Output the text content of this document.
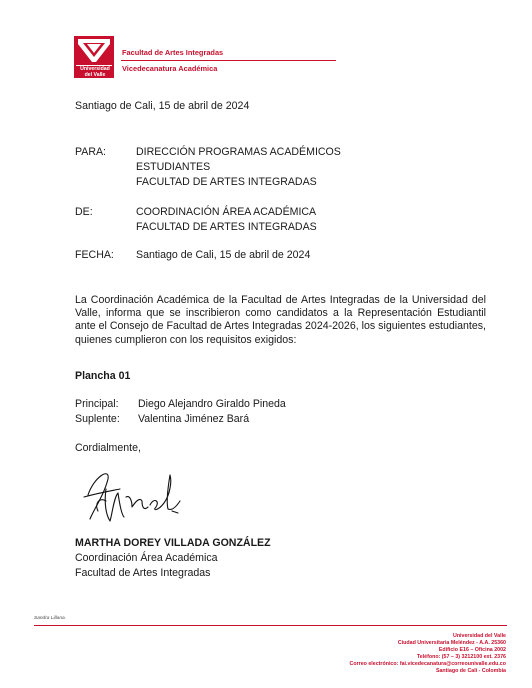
Universidad
del Valle
Facultad de Artes Integradas
Vicedecanatura Académica
Santiago de Cali, 15 de abril de 2024
PARA:	DIRECCIÓN PROGRAMAS ACADÉMICOS
ESTUDIANTES
FACULTAD DE ARTES INTEGRADAS
DE:	COORDINACIÓN ÁREA ACADÉMICA
FACULTAD DE ARTES INTEGRADAS
FECHA: Santiago de Cali, 15 de abril de 2024
La Coordinación Académica de la Facultad de Artes Integradas de la Universidad del Valle, informa que se inscribieron como candidatos a la Representación Estudiantil ante el Consejo de Facultad de Artes Integradas 2024-2026, los siguientes estudiantes, quienes cumplieron con los requisitos exigidos:
Plancha 01
Principal: Diego Alejandro Giraldo Pineda
Suplente: Valentina Jiménez Bará
Cordialmente,
MARTHA DOREY VILLADA GONZÁLEZ
Coordinación Área Académica
Facultad de Artes Integradas
Sandra Lillana.
Universidad del Valle
Ciudad Universitaria Meléndez - A.A. 25360
Edificio E16 – Oficina 2002
Teléfono: (57 – 3) 3212100 ext. 2376
Correo electrónico: fai.vicedecanatura@correounivalle.edu.co
Santiago de Cali - Colombia
